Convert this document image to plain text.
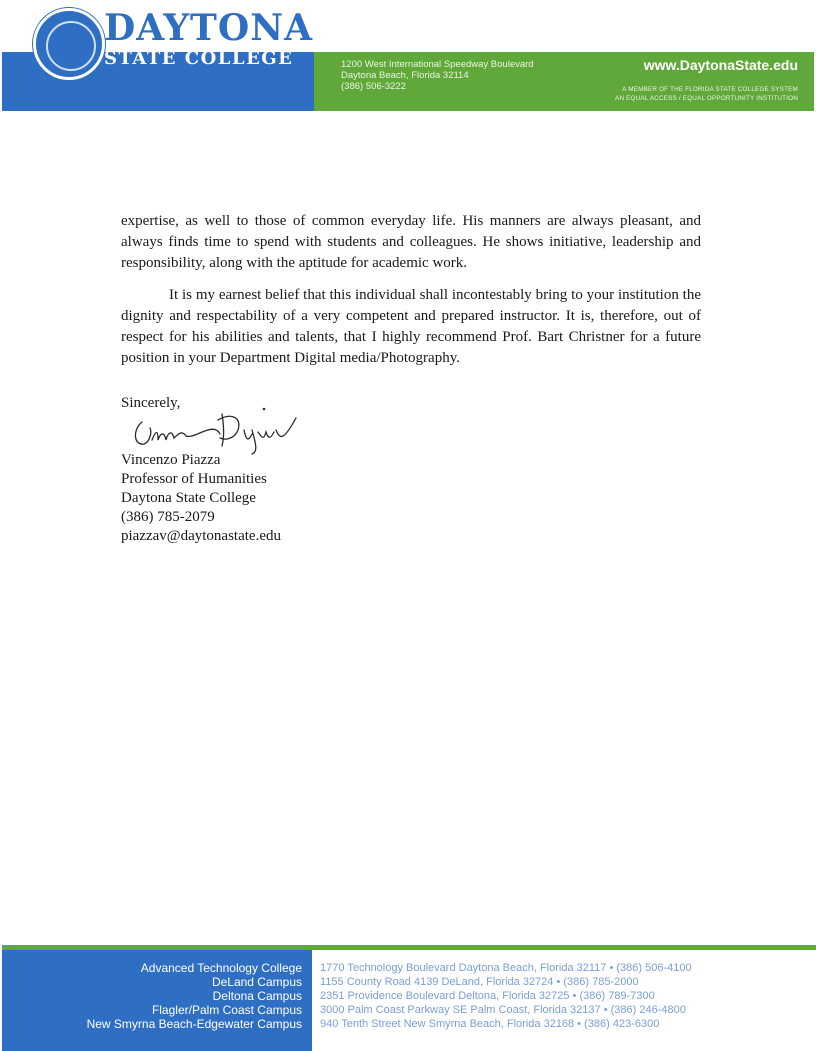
DAYTONA
STATE COLLEGE	1200 West International Speedway Boulevard
Daytona Beach, Florida 32114
(386) 506-3222
www.DaytonaState.edu
A MEMBER OF THE FLORIDA STATE COLLEGE SYSTEM
AN EQUAL ACCESS / EQUAL OPPORTUNITY INSTITUTION

expertise, as well to those of common everyday life. His manners are always pleasant, and always finds time to spend with students and colleagues. He shows initiative, leadership and responsibility, along with the aptitude for academic work.

It is my earnest belief that this individual shall incontestably bring to your institution the dignity and respectability of a very competent and prepared instructor. It is, therefore, out of respect for his abilities and talents, that I highly recommend Prof. Bart Christner for a future position in your Department Digital media/Photography.

Sincerely,
Vincenzo Piazza
Professor of Humanities
Daytona State College
(386) 785-2079
piazzav@daytonastate.edu
Advanced Technology College
DeLand Campus
Deltona Campus
Flagler/Palm Coast Campus
New Smyrna Beach-Edgewater Campus
1770 Technology Boulevard Daytona Beach, Florida 32117 • (386) 506-4100
1155 County Road 4139 DeLand, Florida 32724 • (386) 785-2000
2351 Providence Boulevard Deltona, Florida 32725 • (386) 789-7300
3000 Palm Coast Parkway SE Palm Coast, Florida 32137 • (386) 246-4800
940 Tenth Street New Smyrna Beach, Florida 32168 • (386) 423-6300
